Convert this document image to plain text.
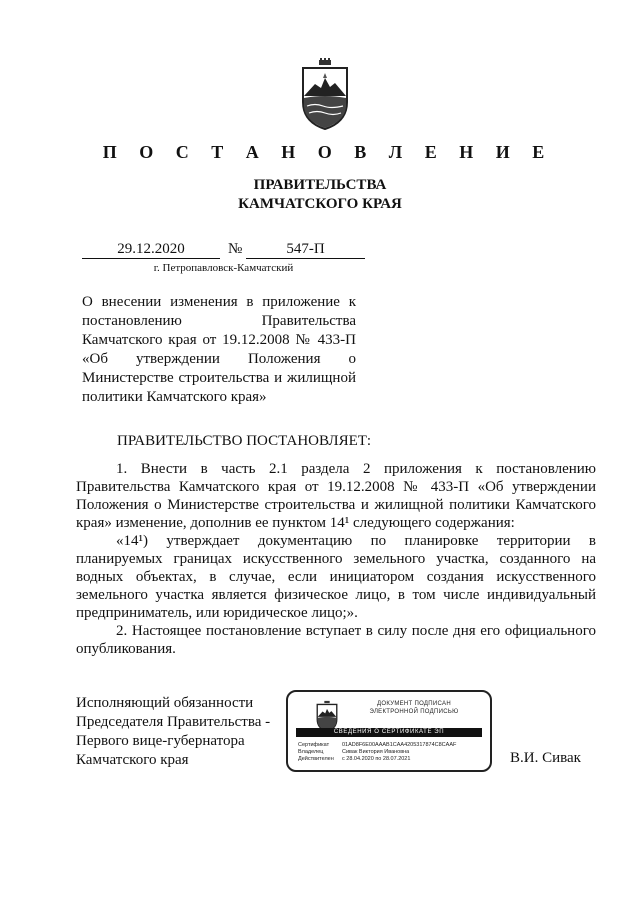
П О С Т А Н О В Л Е Н И Е
ПРАВИТЕЛЬСТВА
КАМЧАТСКОГО КРАЯ
29.12.2020	№	547-П
г. Петропавловск-Камчатский
О внесении изменения в приложение к постановлению Правительства Камчатского края от 19.12.2008 № 433-П «Об утверждении Положения о Министерстве строительства и жилищной политики Камчатского края»
ПРАВИТЕЛЬСТВО ПОСТАНОВЛЯЕТ:

1. Внести в часть 2.1 раздела 2 приложения к постановлению Правительства Камчатского края от 19.12.2008 № 433-П «Об утверждении Положения о Министерстве строительства и жилищной политики Камчатского края» изменение, дополнив ее пунктом 14¹ следующего содержания:

«14¹) утверждает документацию по планировке территории в планируемых границах искусственного земельного участка, созданного на водных объектах, в случае, если инициатором создания искусственного земельного участка является физическое лицо, в том числе индивидуальный предприниматель, или юридическое лицо;».

2. Настоящее постановление вступает в силу после дня его официального опубликования.

Исполняющий обязанности
Председателя Правительства -
Первого вице-губернатора
Камчатского края
ДОКУМЕНТ ПОДПИСАН
ЭЛЕКТРОННОЙ ПОДПИСЬЮ
СВЕДЕНИЯ О СЕРТИФИКАТЕ ЭП
Сертификат	01AD8F6E00AAAB1CAA4205317874C8CAAF
Владелец	Сивак Виктория Ивановна
Действителен	с 28.04.2020 по 28.07.2021	В.И. Сивак
